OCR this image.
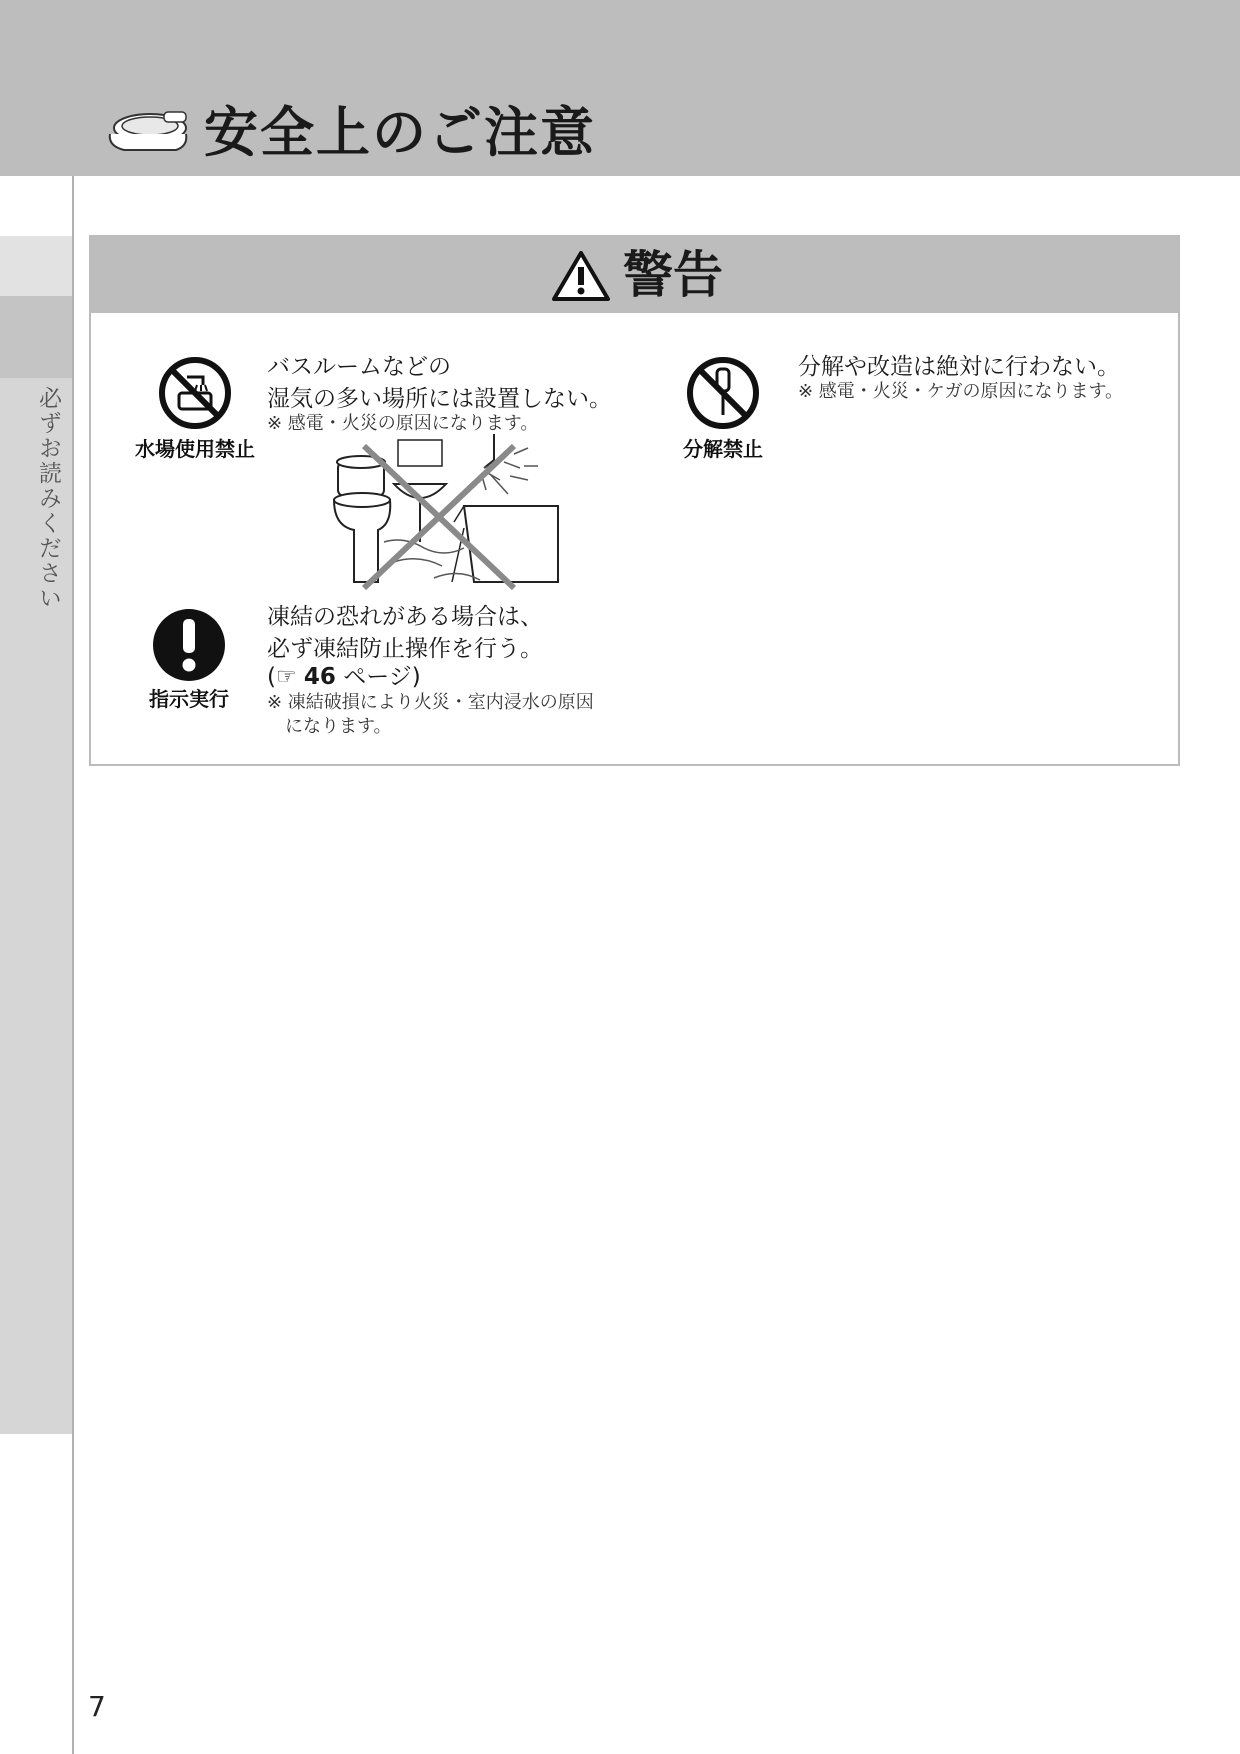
安全上のご注意
必ずお読みください
警告
水場使用禁止
バスルームなどの
湿気の多い場所には設置しない。
※ 感電・火災の原因になります。
分解禁止
分解や改造は絶対に行わない。
※ 感電・火災・ケガの原因になります。
指示実行
凍結の恐れがある場合は、
必ず凍結防止操作を行う。
(☞ 46 ページ)
※ 凍結破損により火災・室内浸水の原因
　になります。
7
